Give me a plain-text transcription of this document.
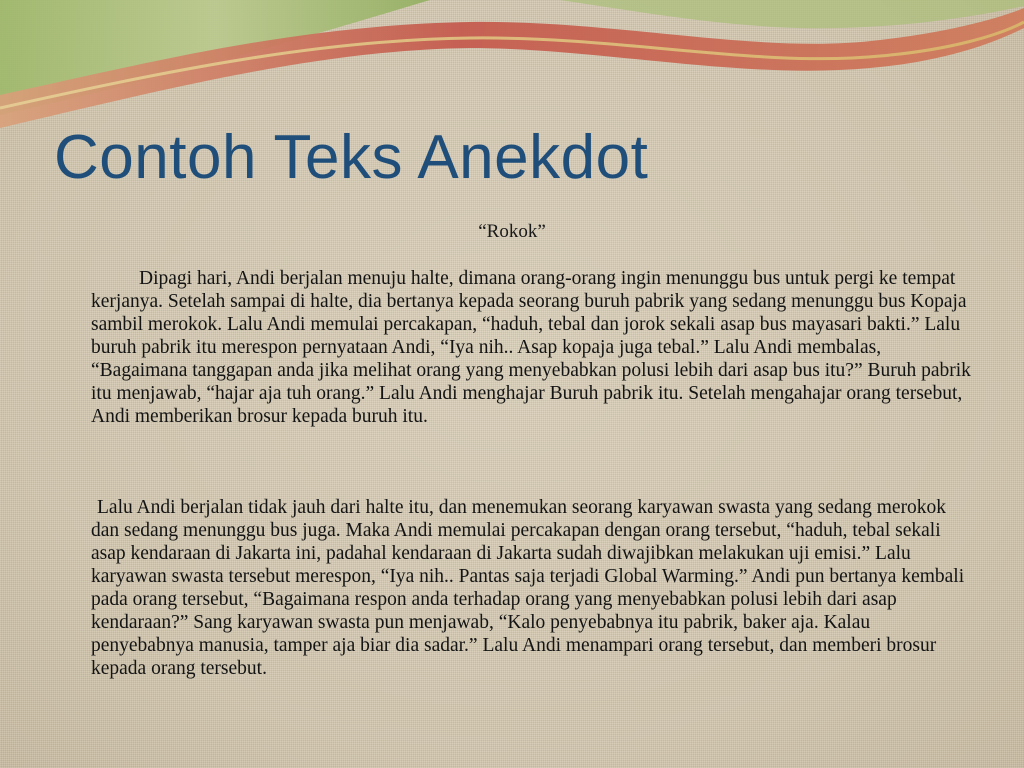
Contoh Teks Anekdot
“Rokok”

Dipagi hari, Andi berjalan menuju halte, dimana orang-orang ingin menunggu bus untuk pergi ke tempat kerjanya. Setelah sampai di halte, dia bertanya kepada seorang buruh pabrik yang sedang menunggu bus Kopaja sambil merokok. Lalu Andi memulai percakapan, “haduh, tebal dan jorok sekali asap bus mayasari bakti.” Lalu buruh pabrik itu merespon pernyataan Andi, “Iya nih.. Asap kopaja juga tebal.” Lalu Andi membalas, “Bagaimana tanggapan anda jika melihat orang yang menyebabkan polusi lebih dari asap bus itu?” Buruh pabrik itu menjawab, “hajar aja tuh orang.” Lalu Andi menghajar Buruh pabrik itu. Setelah mengahajar orang tersebut, Andi memberikan brosur kepada buruh itu.

Lalu Andi berjalan tidak jauh dari halte itu, dan menemukan seorang karyawan swasta yang sedang merokok dan sedang menunggu bus juga. Maka Andi memulai percakapan dengan orang tersebut, “haduh, tebal sekali asap kendaraan di Jakarta ini, padahal kendaraan di Jakarta sudah diwajibkan melakukan uji emisi.” Lalu karyawan swasta tersebut merespon, “Iya nih.. Pantas saja terjadi Global Warming.” Andi pun bertanya kembali pada orang tersebut, “Bagaimana respon anda terhadap orang yang menyebabkan polusi lebih dari asap kendaraan?” Sang karyawan swasta pun menjawab, “Kalo penyebabnya itu pabrik, baker aja. Kalau penyebabnya manusia, tamper aja biar dia sadar.” Lalu Andi menampari orang tersebut, dan memberi brosur kepada orang tersebut.
